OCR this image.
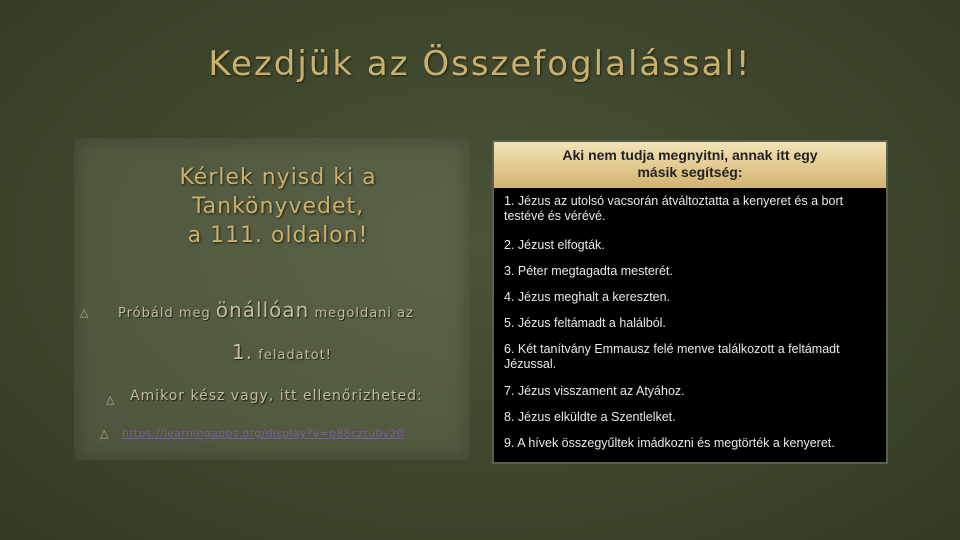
Kezdjük az Összefoglalással!
Kérlek nyisd ki a
Tankönyvedet,
a 111. oldalon!
△ Próbáld meg önállóan megoldani az
1. feladatot!
△ Amikor kész vagy, itt ellenőrizheted:
△ https://learningapps.org/display?v=p88cztu0v20
Aki nem tudja megnyitni, annak itt egy
másik segítség:
1. Jézus az utolsó vacsorán átváltoztatta a kenyeret és a bort testévé és vérévé.
2. Jézust elfogták.
3. Péter megtagadta mesterét.
4. Jézus meghalt a kereszten.
5. Jézus feltámadt a halálból.
6. Két tanítvány Emmausz felé menve találkozott a feltámadt Jézussal.
7. Jézus visszament az Atyához.
8. Jézus elküldte a Szentlelket.
9. A hívek összegyűltek imádkozni és megtörték a kenyeret.
